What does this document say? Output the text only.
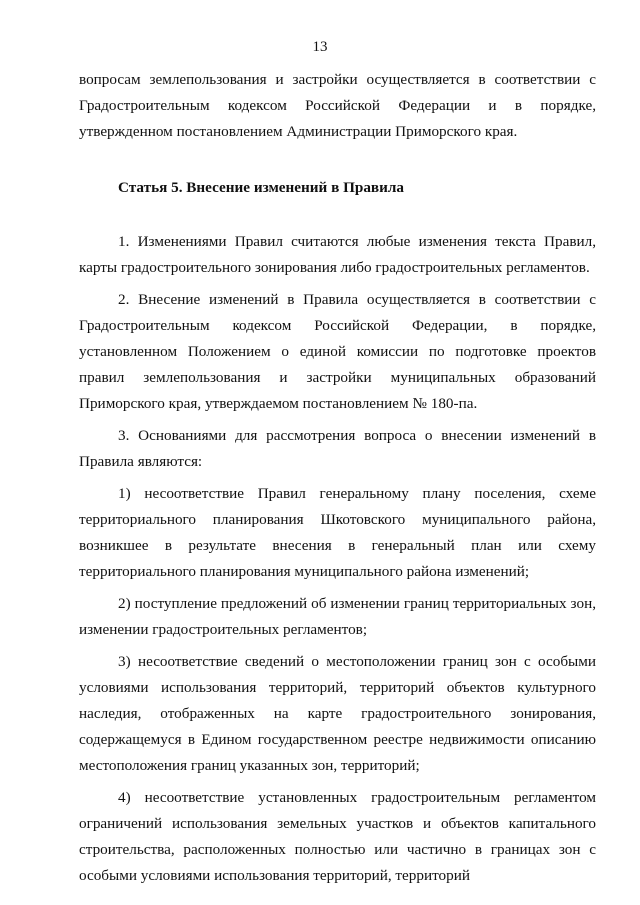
13

вопросам землепользования и застройки осуществляется в соответствии с Градостроительным кодексом Российской Федерации и в порядке, утвержденном постановлением Администрации Приморского края.

Статья 5. Внесение изменений в Правила

1. Изменениями Правил считаются любые изменения текста Правил, карты градостроительного зонирования либо градостроительных регламентов.

2. Внесение изменений в Правила осуществляется в соответствии с Градостроительным кодексом Российской Федерации, в порядке, установленном Положением о единой комиссии по подготовке проектов правил землепользования и застройки муниципальных образований Приморского края, утверждаемом постановлением № 180-па.

3. Основаниями для рассмотрения вопроса о внесении изменений в Правила являются:

1) несоответствие Правил генеральному плану поселения, схеме территориального планирования Шкотовского муниципального района, возникшее в результате внесения в генеральный план или схему территориального планирования муниципального района изменений;

2) поступление предложений об изменении границ территориальных зон, изменении градостроительных регламентов;

3) несоответствие сведений о местоположении границ зон с особыми условиями использования территорий, территорий объектов культурного наследия, отображенных на карте градостроительного зонирования, содержащемуся в Едином государственном реестре недвижимости описанию местоположения границ указанных зон, территорий;

4) несоответствие установленных градостроительным регламентом ограничений использования земельных участков и объектов капитального строительства, расположенных полностью или частично в границах зон с особыми условиями использования территорий, территорий
